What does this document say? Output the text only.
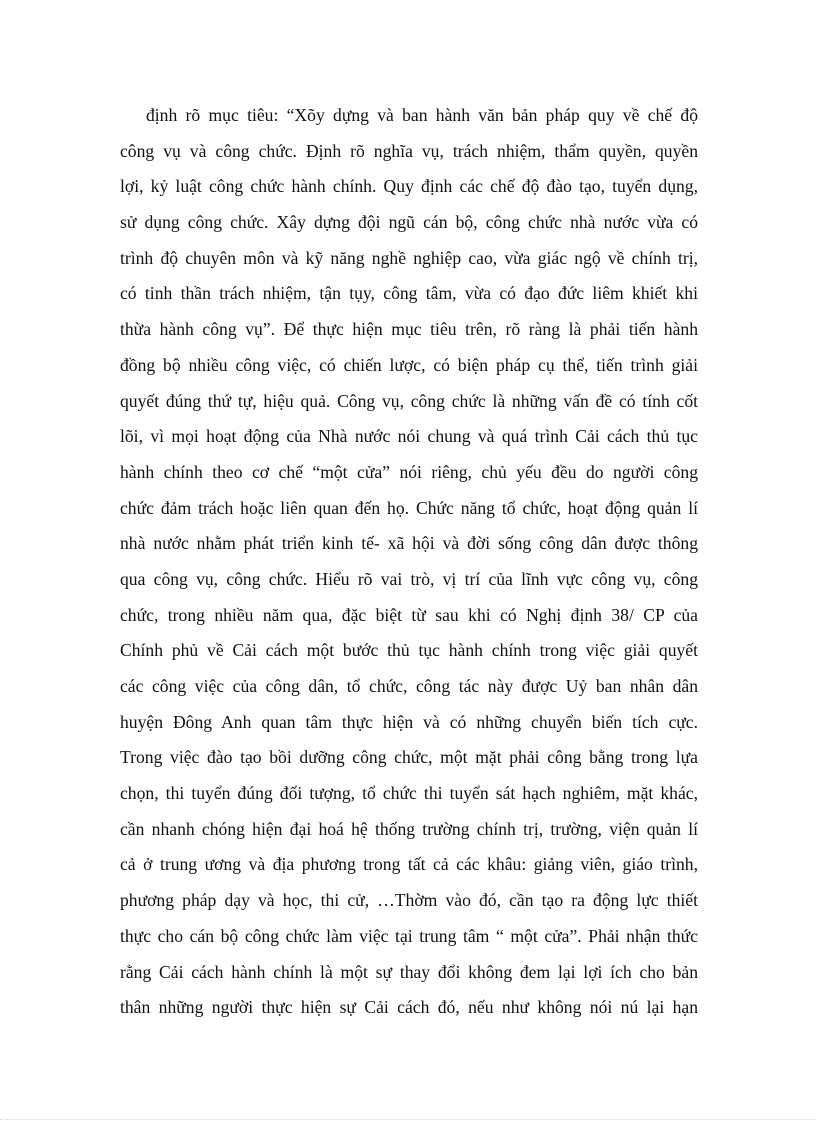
định rõ mục tiêu: “Xõy dựng và ban hành văn bản pháp quy về chế độ
công vụ và công chức. Định rõ nghĩa vụ, trách nhiệm, thẩm quyền, quyền
lợi, kỷ luật công chức hành chính. Quy định các chế độ đào tạo, tuyển dụng,
sử dụng công chức. Xây dựng đội ngũ cán bộ, công chức nhà nước vừa có
trình độ chuyên môn và kỹ năng nghề nghiệp cao, vừa giác ngộ về chính trị,
có tinh thần trách nhiệm, tận tụy, công tâm, vừa có đạo đức liêm khiết khi
thừa hành công vụ”. Để thực hiện mục tiêu trên, rõ ràng là phải tiến hành
đồng bộ nhiều công việc, có chiến lược, có biện pháp cụ thể, tiến trình giải
quyết đúng thứ tự, hiệu quả. Công vụ, công chức là những vấn đề có tính cốt
lõi, vì mọi hoạt động của Nhà nước nói chung và quá trình Cải cách thủ tục
hành chính theo cơ chế “một cửa” nói riêng, chủ yếu đều do người công
chức đảm trách hoặc liên quan đến họ. Chức năng tổ chức, hoạt động quản lí
nhà nước nhằm phát triển kinh tế- xã hội và đời sống công dân được thông
qua công vụ, công chức. Hiểu rõ vai trò, vị trí của lĩnh vực công vụ, công
chức, trong nhiều năm qua, đặc biệt từ sau khi có Nghị định 38/ CP của
Chính phủ về Cải cách một bước thủ tục hành chính trong việc giải quyết
các công việc của công dân, tổ chức, công tác này được Uỷ ban nhân dân
huyện Đông Anh quan tâm thực hiện và có những chuyển biến tích cực.
Trong việc đào tạo bồi dưỡng công chức, một mặt phải công bằng trong lựa
chọn, thi tuyển đúng đối tượng, tổ chức thi tuyển sát hạch nghiêm, mặt khác,
cần nhanh chóng hiện đại hoá hệ thống trường chính trị, trường, viện quản lí
cả ở trung ương và địa phương trong tất cả các khâu: giảng viên, giáo trình,
phương pháp dạy và học, thi cử, …Thờm vào đó, cần tạo ra động lực thiết
thực cho cán bộ công chức làm việc tại trung tâm “ một cửa”. Phải nhận thức
rằng Cải cách hành chính là một sự thay đổi không đem lại lợi ích cho bản
thân những người thực hiện sự Cải cách đó, nếu như không nói nú lại hạn
